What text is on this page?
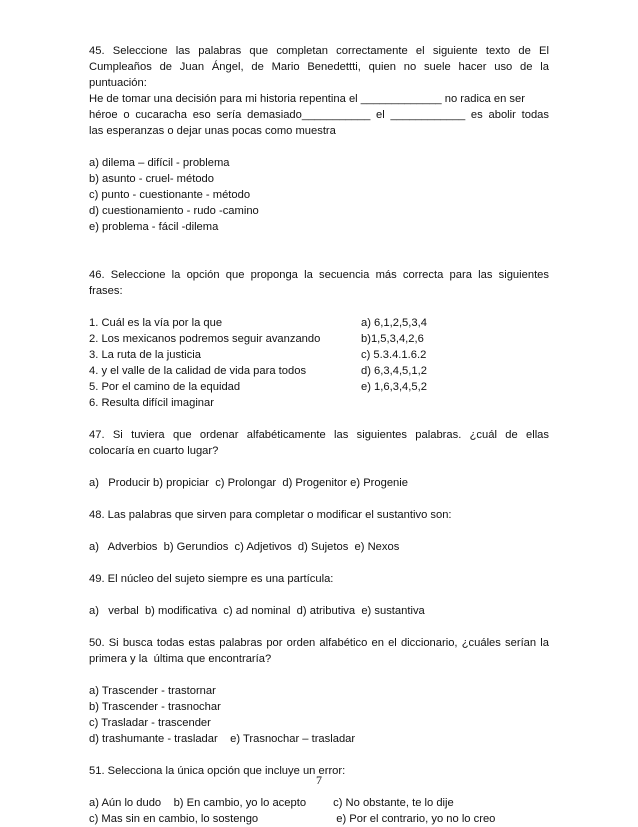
45. Seleccione las palabras que completan correctamente el siguiente texto de El
Cumpleaños de Juan Ángel, de Mario Benedettti, quien no suele hacer uso de la
puntuación:
He de tomar una decisión para mi historia repentina el _____________ no radica en ser
héroe o cucaracha eso sería demasiado___________ el ____________ es abolir todas
las esperanzas o dejar unas pocas como muestra
a) dilema – difícil - problema
b) asunto - cruel- método
c) punto - cuestionante - método
d) cuestionamiento - rudo -camino
e) problema - fácil -dilema
46. Seleccione la opción que proponga la secuencia más correcta para las siguientes
frases:
1. Cuál es la vía por la que	a) 6,1,2,5,3,4
2. Los mexicanos podremos seguir avanzando	b)1,5,3,4,2,6
3. La ruta de la justicia	c) 5.3.4.1.6.2
4. y el valle de la calidad de vida para todos	d) 6,3,4,5,1,2
5. Por el camino de la equidad	e) 1,6,3,4,5,2
6. Resulta difícil imaginar
47. Si tuviera que ordenar alfabéticamente las siguientes palabras. ¿cuál de ellas
colocaría en cuarto lugar?
a)   Producir b) propiciar  c) Prolongar  d) Progenitor e) Progenie
48. Las palabras que sirven para completar o modificar el sustantivo son:
a)   Adverbios  b) Gerundios  c) Adjetivos  d) Sujetos  e) Nexos
49. El núcleo del sujeto siempre es una partícula:
a)   verbal  b) modificativa  c) ad nominal  d) atributiva  e) sustantiva
50. Si busca todas estas palabras por orden alfabético en el diccionario, ¿cuáles serían la
primera y la  última que encontraría?
a) Trascender - trastornar
b) Trascender - trasnochar
c) Trasladar - trascender
d) trashumante - trasladar    e) Trasnochar – trasladar
51. Selecciona la única opción que incluye un error:
a) Aún lo dudo    b) En cambio, yo lo acepto c) No obstante, te lo dije
c) Mas sin en cambio, lo sostengo	e) Por el contrario, yo no lo creo
7
